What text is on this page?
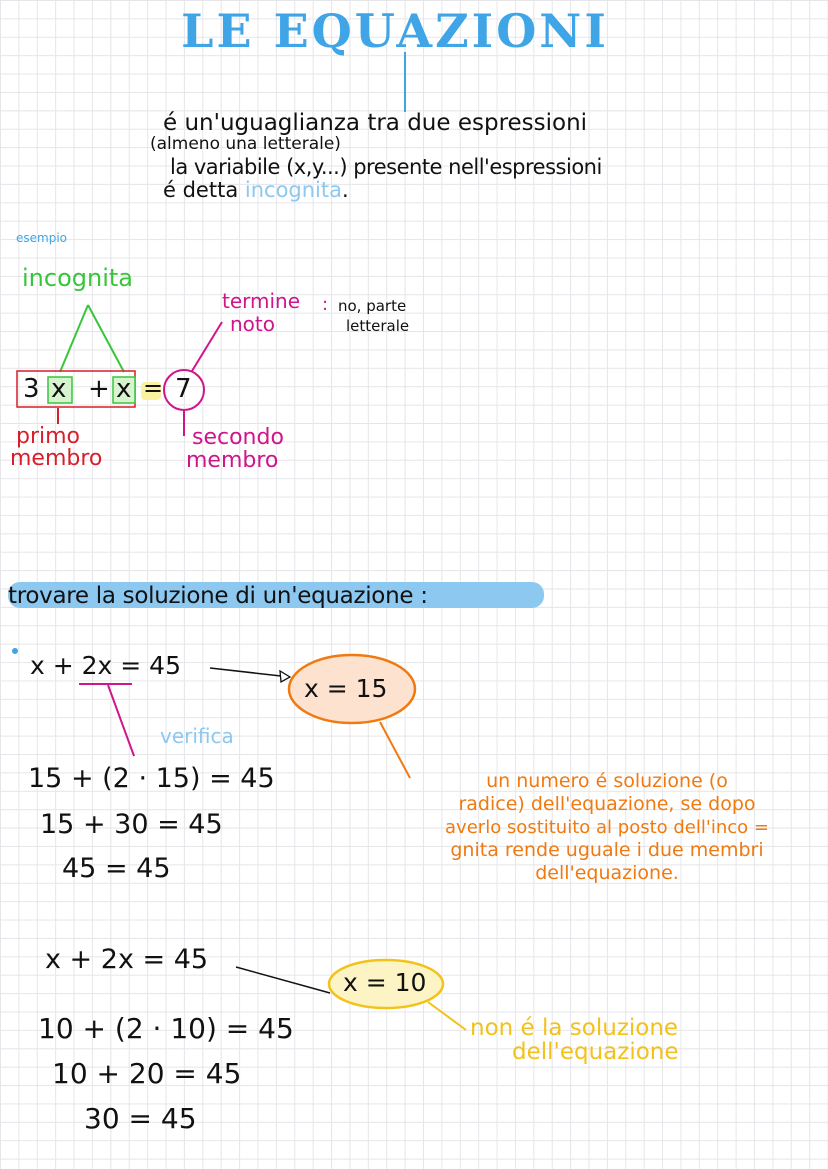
LE EQUAZIONI
é un'uguaglianza tra due espressioni
(almeno una letterale)
la variabile (x,y...) presente nell'espressioni
é detta incognita.
esempio
incognita
termine
noto
: no, parte
letterale
3 x + x = 7
primo
membro
secondo
membro
trovare la soluzione di un'equazione :
x + 2x = 45
x = 15
verifica
15 + (2 · 15) = 45
15 + 30 = 45
45 = 45
un numero é soluzione (o
radice) dell'equazione, se dopo
averlo sostituito al posto dell'inco =
gnita rende uguale i due membri
dell'equazione.
x + 2x = 45
x = 10
10 + (2 · 10) = 45
10 + 20 = 45
30 = 45
non é la soluzione
dell'equazione
